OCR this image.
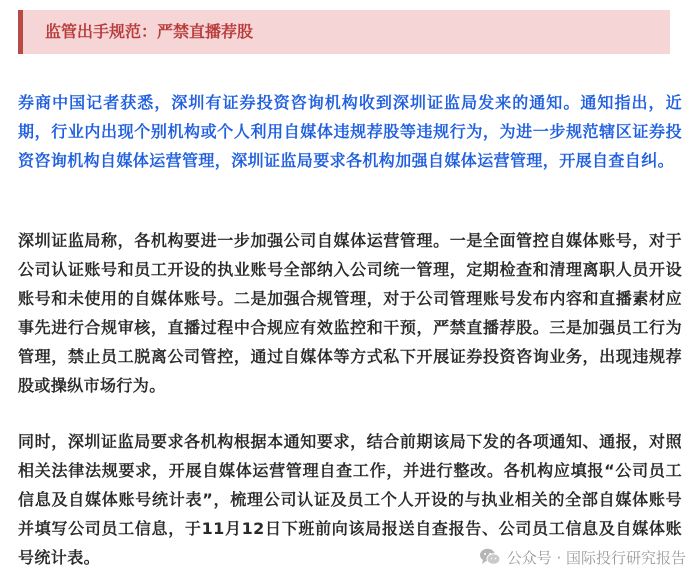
监管出手规范：严禁直播荐股

券商中国记者获悉，深圳有证券投资咨询机构收到深圳证监局发来的通知。通知指出，近期，行业内出现个别机构或个人利用自媒体违规荐股等违规行为，为进一步规范辖区证券投资咨询机构自媒体运营管理，深圳证监局要求各机构加强自媒体运营管理，开展自查自纠。

深圳证监局称，各机构要进一步加强公司自媒体运营管理。一是全面管控自媒体账号，对于公司认证账号和员工开设的执业账号全部纳入公司统一管理，定期检查和清理离职人员开设账号和未使用的自媒体账号。二是加强合规管理，对于公司管理账号发布内容和直播素材应事先进行合规审核，直播过程中合规应有效监控和干预，严禁直播荐股。三是加强员工行为管理，禁止员工脱离公司管控，通过自媒体等方式私下开展证券投资咨询业务，出现违规荐股或操纵市场行为。

同时，深圳证监局要求各机构根据本通知要求，结合前期该局下发的各项通知、通报，对照相关法律法规要求，开展自媒体运营管理自查工作，并进行整改。各机构应填报“公司员工信息及自媒体账号统计表”，梳理公司认证及员工个人开设的与执业相关的全部自媒体账号并填写公司员工信息，于11月12日下班前向该局报送自查报告、公司员工信息及自媒体账号统计表。	公众号 · 国际投行研究报告
